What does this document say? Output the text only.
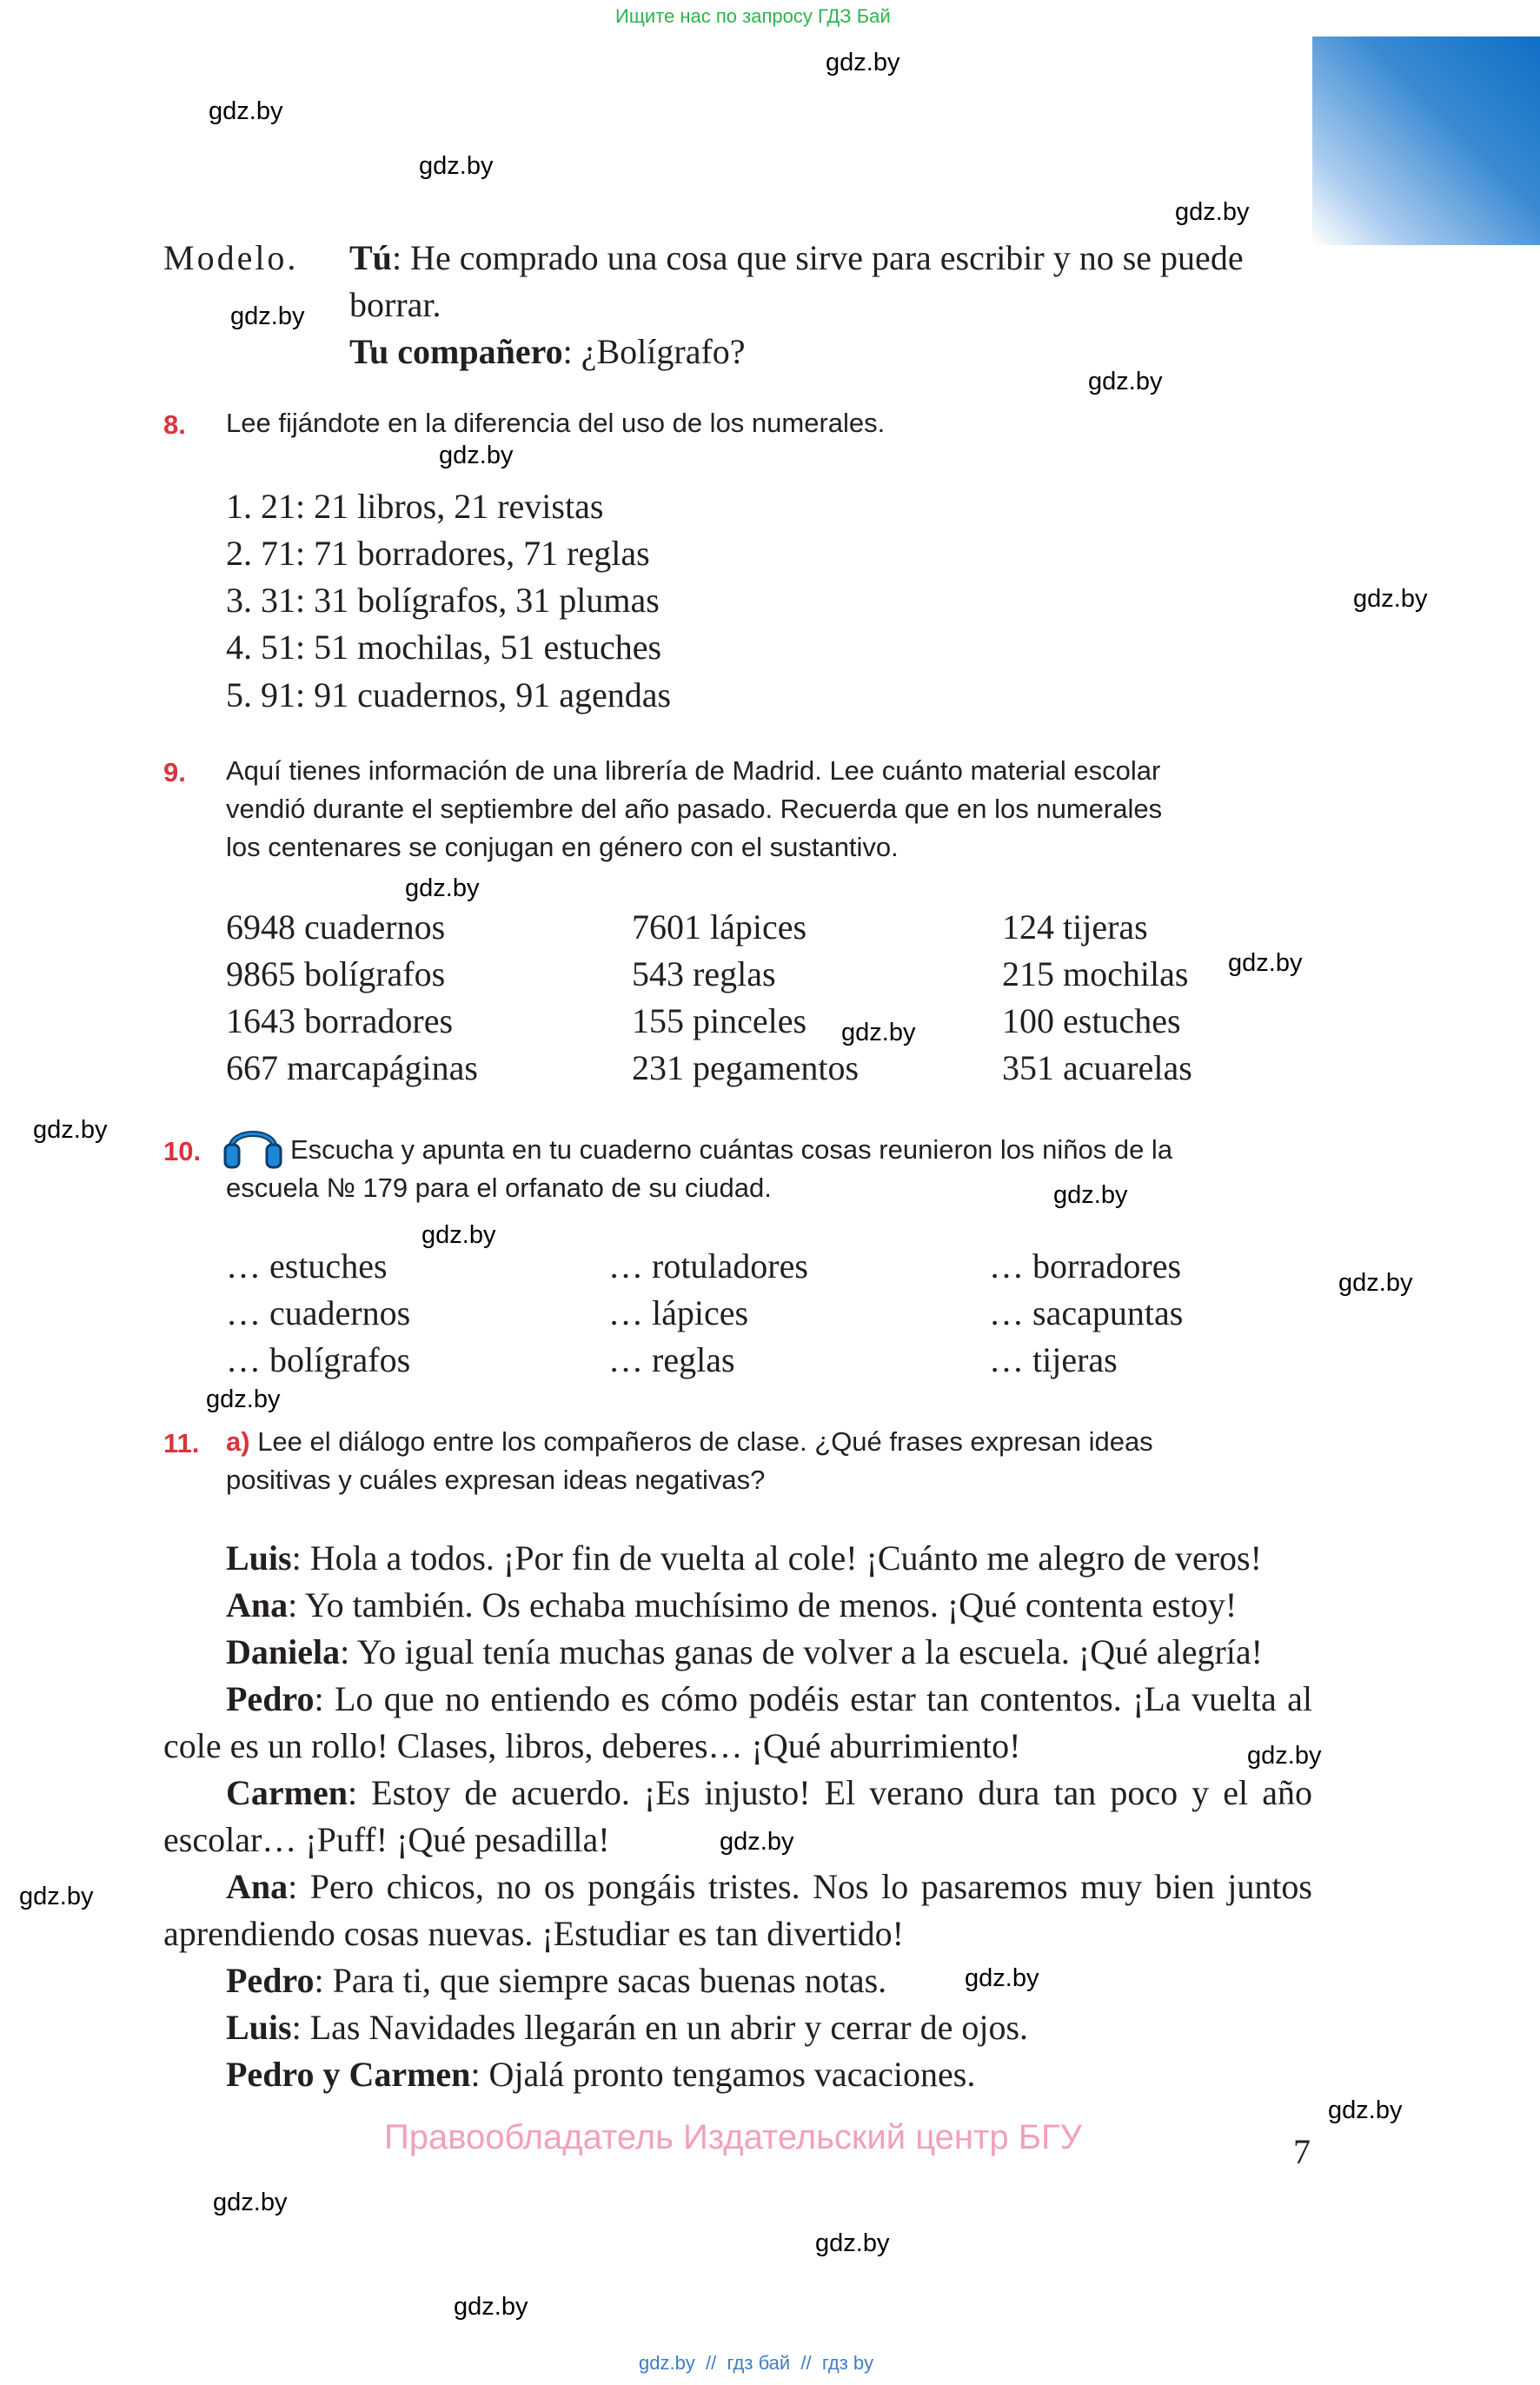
Ищите нас по запросу ГДЗ Бай
gdz.by
gdz.by
gdz.by
gdz.by
gdz.by
gdz.by
gdz.by
gdz.by
gdz.by
gdz.by
gdz.by
gdz.by
gdz.by
gdz.by
gdz.by
gdz.by
gdz.by
gdz.by
gdz.by
gdz.by
gdz.by
gdz.by
gdz.by
gdz.by
Modelo. Tú: He comprado una cosa que sirve para escribir y no se puede
borrar.
Tu compañero: ¿Bolígrafo?
8. Lee fijándote en la diferencia del uso de los numerales.
1. 21: 21 libros, 21 revistas
2. 71: 71 borradores, 71 reglas
3. 31: 31 bolígrafos, 31 plumas
4. 51: 51 mochilas, 51 estuches
5. 91: 91 cuadernos, 91 agendas
9. Aquí tienes información de una librería de Madrid. Lee cuánto material escolar
vendió durante el septiembre del año pasado. Recuerda que en los numerales
los centenares se conjugan en género con el sustantivo.
6948 cuadernos
9865 bolígrafos
1643 borradores
667 marcapáginas
7601 lápices
543 reglas
155 pinceles
231 pegamentos
124 tijeras
215 mochilas
100 estuches
351 acuarelas
10.	Escucha y apunta en tu cuaderno cuántas cosas reunieron los niños de la
escuela № 179 para el orfanato de su ciudad.
… estuches
… cuadernos
… bolígrafos
… rotuladores
… lápices
… reglas
… borradores
… sacapuntas
… tijeras
11. a) Lee el diálogo entre los compañeros de clase. ¿Qué frases expresan ideas
positivas y cuáles expresan ideas negativas?

Luis: Hola a todos. ¡Por fin de vuelta al cole! ¡Cuánto me alegro de veros!

Ana: Yo también. Os echaba muchísimo de menos. ¡Qué contenta estoy!

Daniela: Yo igual tenía muchas ganas de volver a la escuela. ¡Qué alegría!

Pedro: Lo que no entiendo es cómo podéis estar tan contentos. ¡La vuelta al cole es un rollo! Clases, libros, deberes… ¡Qué aburrimiento!

Carmen: Estoy de acuerdo. ¡Es injusto! El verano dura tan poco y el año escolar… ¡Puff! ¡Qué pesadilla!

Ana: Pero chicos, no os pongáis tristes. Nos lo pasaremos muy bien juntos aprendiendo cosas nuevas. ¡Estudiar es tan divertido!

Pedro: Para ti, que siempre sacas buenas notas.

Luis: Las Navidades llegarán en un abrir y cerrar de ojos.

Pedro y Carmen: Ojalá pronto tengamos vacaciones.

Правообладатель Издательский центр БГУ	7
gdz.by  //  гдз бай  //  гдз by
